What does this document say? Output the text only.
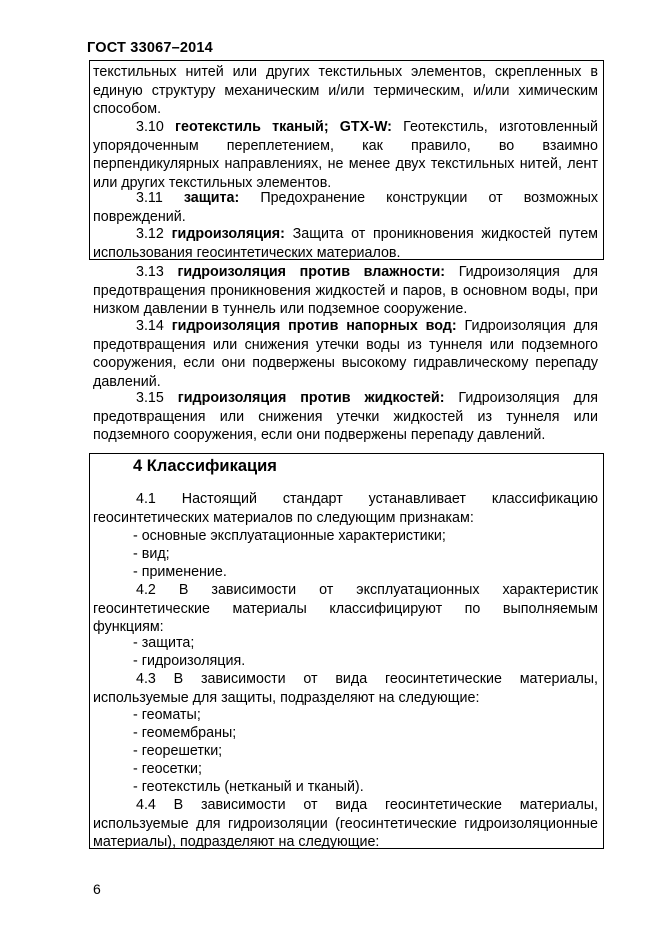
ГОСТ 33067–2014
текстильных нитей или других текстильных элементов, скрепленных в единую структуру механическим и/или термическим, и/или химическим способом.
3.10 геотекстиль тканый; GTX-W: Геотекстиль, изготовленный упорядоченным переплетением, как правило, во взаимно перпендикулярных направлениях, не менее двух текстильных нитей, лент или других текстильных элементов.
3.11 защита: Предохранение конструкции от возможных повреждений.
3.12 гидроизоляция: Защита от проникновения жидкостей путем использования геосинтетических материалов.
3.13 гидроизоляция против влажности: Гидроизоляция для предотвращения проникновения жидкостей и паров, в основном воды, при низком давлении в туннель или подземное сооружение.
3.14 гидроизоляция против напорных вод: Гидроизоляция для предотвращения или снижения утечки воды из туннеля или подземного сооружения, если они подвержены высокому гидравлическому перепаду давлений.
3.15 гидроизоляция против жидкостей: Гидроизоляция для предотвращения или снижения утечки жидкостей из туннеля или подземного сооружения, если они подвержены перепаду давлений.
4 Классификация
4.1 Настоящий стандарт устанавливает классификацию геосинтетических материалов по следующим признакам:
- основные эксплуатационные характеристики;
- вид;
- применение.
4.2 В зависимости от эксплуатационных характеристик геосинтетические материалы классифицируют по выполняемым функциям:
- защита;
- гидроизоляция.
4.3 В зависимости от вида геосинтетические материалы, используемые для защиты, подразделяют на следующие:
- геоматы;
- геомембраны;
- георешетки;
- геосетки;
- геотекстиль (нетканый и тканый).
4.4 В зависимости от вида геосинтетические материалы, используемые для гидроизоляции (геосинтетические гидроизоляционные материалы), подразделяют на следующие:
6
